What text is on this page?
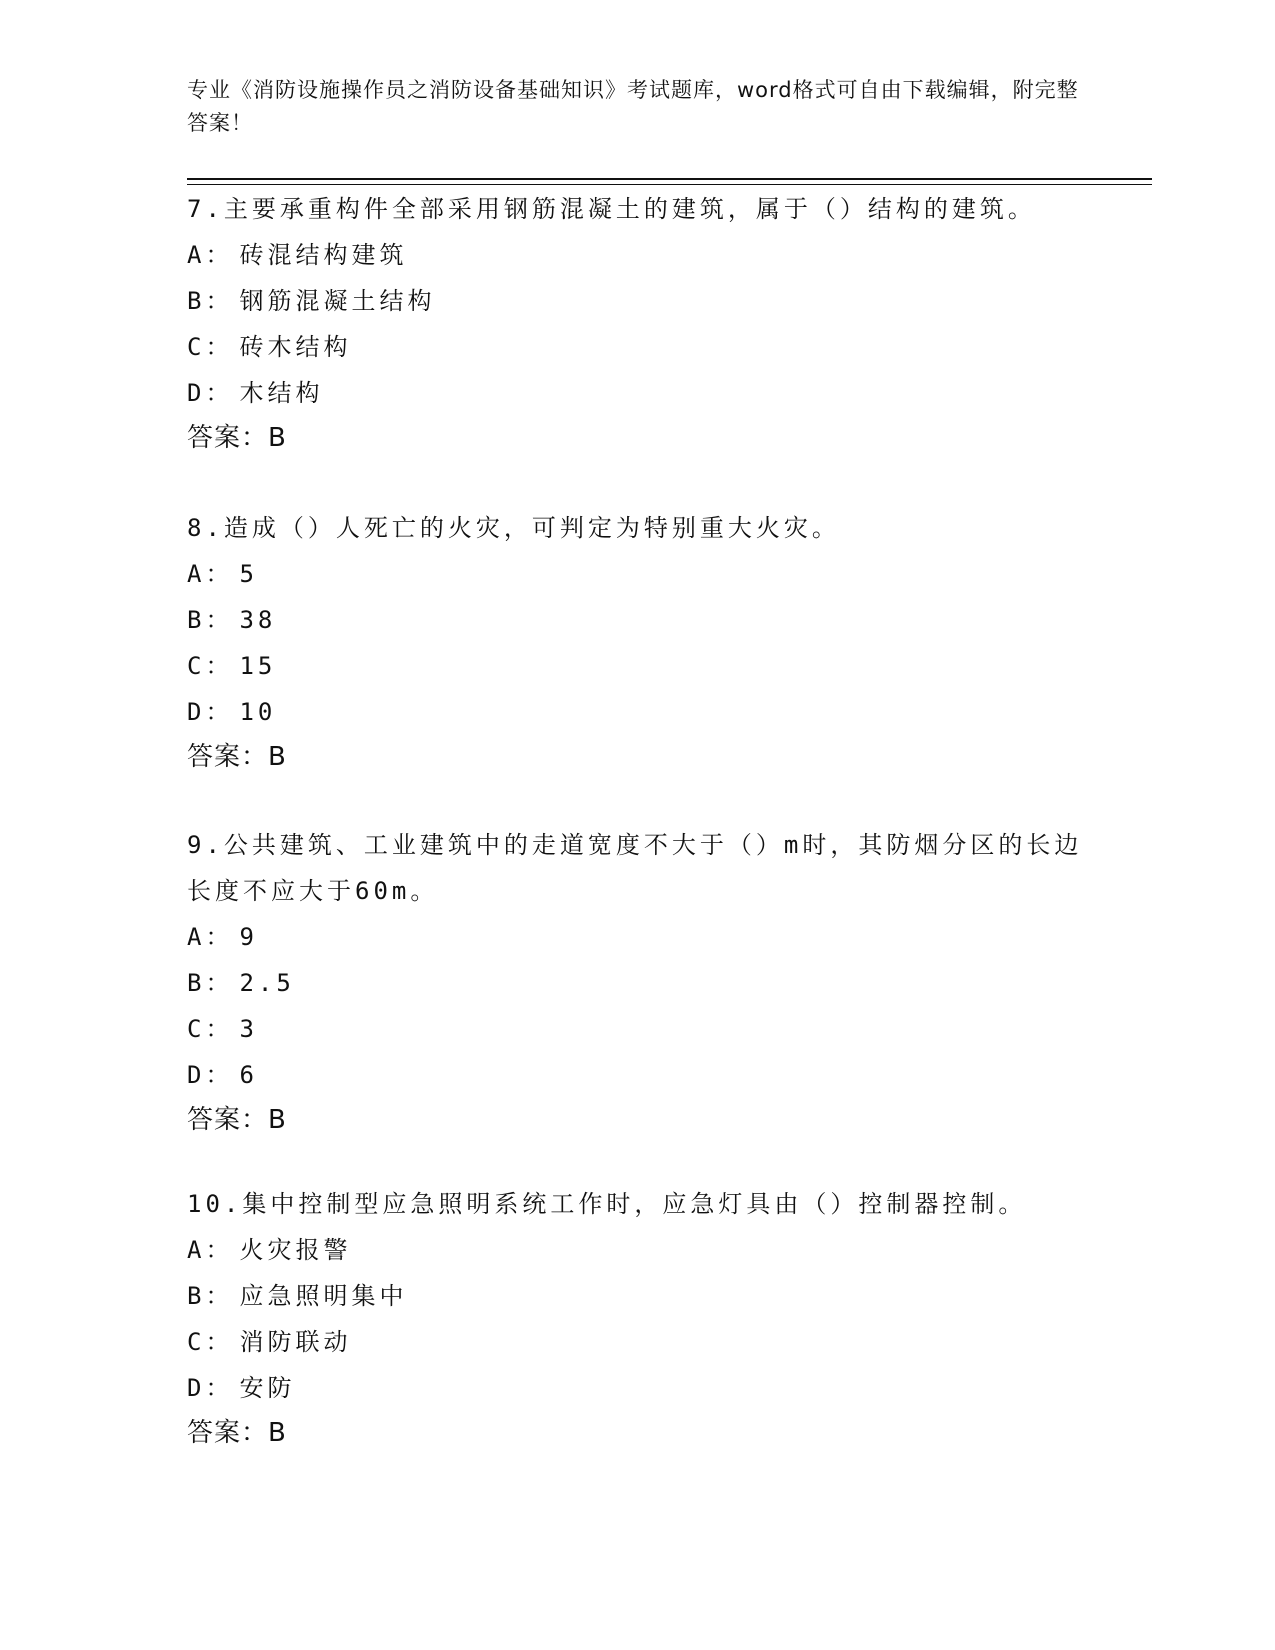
专业《消防设施操作员之消防设备基础知识》考试题库，word格式可自由下载编辑，附完整答案！

7.主要承重构件全部采用钢筋混凝土的建筑，属于（）结构的建筑。

A： 砖混结构建筑

B： 钢筋混凝土结构

C： 砖木结构

D： 木结构

答案：B

8.造成（）人死亡的火灾，可判定为特别重大火灾。

A： 5

B： 38

C： 15

D： 10

答案：B

9.公共建筑、工业建筑中的走道宽度不大于（）m时，其防烟分区的长边长度不应大于60m。

A： 9

B： 2.5

C： 3

D： 6

答案：B

10.集中控制型应急照明系统工作时，应急灯具由（）控制器控制。

A： 火灾报警

B： 应急照明集中

C： 消防联动

D： 安防

答案：B
